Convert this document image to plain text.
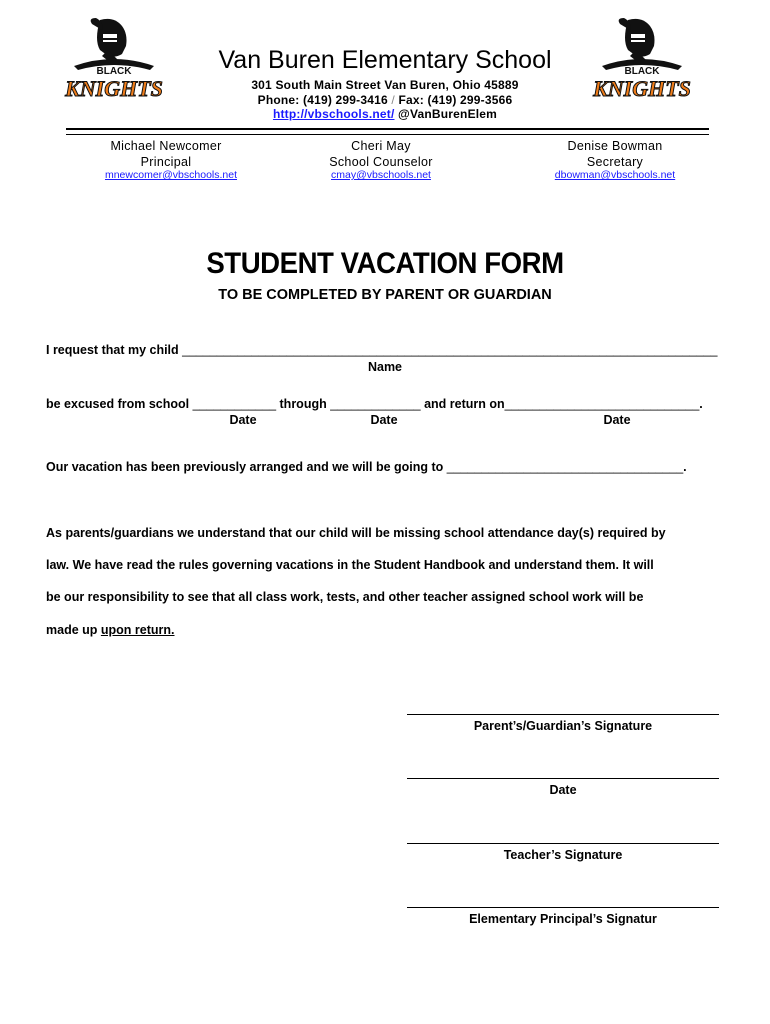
BLACK
KNIGHTS
BLACK
KNIGHTS
Van Buren Elementary School
301 South Main Street Van Buren, Ohio 45889
Phone: (419) 299-3416 / Fax: (419) 299-3566
http://vbschools.net/ @VanBurenElem
Michael Newcomer
Principal
mnewcomer@vbschools.net
Cheri May
School Counselor
cmay@vbschools.net
Denise Bowman
Secretary
dbowman@vbschools.net
STUDENT VACATION FORM
TO BE COMPLETED BY PARENT OR GUARDIAN
I request that my child _____________________________________________________________________________
Name
be excused from school ____________ through _____________ and return on____________________________.
Date	Date	Date
Our vacation has been previously arranged and we will be going to __________________________________.
As parents/guardians we understand that our child will be missing school attendance day(s) required by
law. We have read the rules governing vacations in the Student Handbook and understand them. It will
be our responsibility to see that all class work, tests, and other teacher assigned school work will be
made up upon return.
Parent’s/Guardian’s Signature
Date
Teacher’s Signature
Elementary Principal’s Signatur
